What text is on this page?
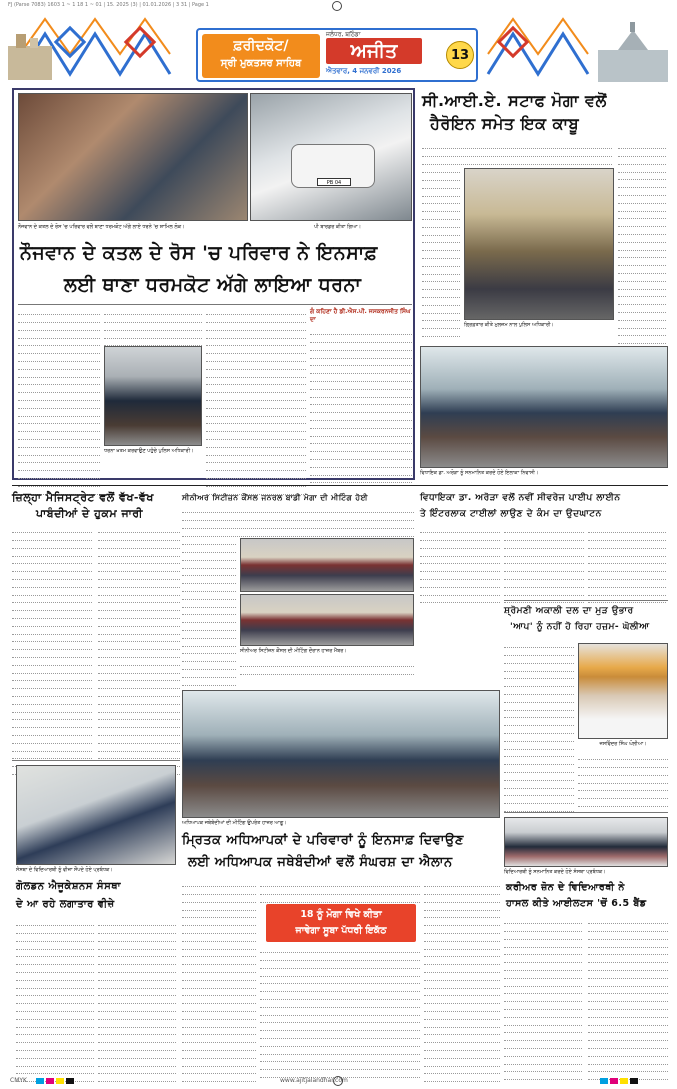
FJ (Parse 7083) 1603 1 ~ 1 18 1 ~ 01 | 15. 2025 (3) | 01.01.2026 | 3 31 | Page 1
ਫ਼ਰੀਦਕੋਟ/
ਸ੍ਰੀ ਮੁਕਤਸਰ ਸਾਹਿਬ
ਜਲੰਧਰ, ਬਠਿੰਡਾ
ਅਜੀਤ
ਐਤਵਾਰ, 4 ਜਨਵਰੀ 2026
13
PB 04
ਨੌਜਵਾਨ ਦੇ ਕਤਲ ਦੇ ਰੋਸ 'ਚ ਪਰਿਵਾਰ ਵਲੋਂ ਥਾਣਾ ਧਰਮਕੋਟ ਅੱਗੇ ਲਾਏ ਧਰਨੇ 'ਚ ਸ਼ਾਮਿਲ ਲੋਕ।	ਪੀ ਬਾਰਡਰ ਕੀਤਾ ਗਿਆ।
ਨੌਜਵਾਨ ਦੇ ਕਤਲ ਦੇ ਰੋਸ 'ਚ ਪਰਿਵਾਰ ਨੇ ਇਨਸਾਫ਼
ਲਈ ਥਾਣਾ ਧਰਮਕੋਟ ਅੱਗੇ ਲਾਇਆ ਧਰਨਾ
ਧਰਨਾ ਖ਼ਤਮ ਕਰਵਾਉਣ ਪਹੁੰਚੇ ਪੁਲਿਸ ਅਧਿਕਾਰੀ।
ਗੰ ਕਹਿਣਾ ਹੈ ਡੀ.ਐਸ.ਪੀ. ਜਸਕਰਨਜੀਤ ਸਿੰਘ ਦਾ
ਸੀ.ਆਈ.ਏ. ਸਟਾਫ ਮੋਗਾ ਵਲੋਂ
ਹੈਰੋਇਨ ਸਮੇਤ ਇਕ ਕਾਬੂ
ਗ੍ਰਿਫ਼ਤਾਰ ਕੀਤੇ ਮੁਲਜ਼ਮ ਨਾਲ ਪੁਲਿਸ ਅਧਿਕਾਰੀ।
ਵਿਧਾਇਕ ਡਾ. ਅਰੋੜਾ ਨੂੰ ਸਨਮਾਨਿਤ ਕਰਦੇ ਹੋਏ ਇਲਾਕਾ ਨਿਵਾਸੀ।
ਜ਼ਿਲ੍ਹਾ ਮੈਜਿਸਟ੍ਰੇਟ ਵਲੋਂ ਵੱਖ-ਵੱਖ
ਪਾਬੰਦੀਆਂ ਦੇ ਹੁਕਮ ਜਾਰੀ
ਸੀਨੀਅਰ ਸਿਟੀਜ਼ਨ ਕੌਂਸਲ ਜਨਰਲ ਬਾਡੀ ਮੋਗਾ ਦੀ ਮੀਟਿੰਗ ਹੋਈ
ਸੀਨੀਅਰ ਸਿਟੀਜ਼ਨ ਕੌਂਸਲ ਦੀ ਮੀਟਿੰਗ ਦੌਰਾਨ ਹਾਜ਼ਰ ਮੈਂਬਰ।
ਵਿਧਾਇਕਾ ਡਾ. ਅਰੋੜਾ ਵਲੋਂ ਨਵੀਂ ਸੀਵਰੇਜ ਪਾਈਪ ਲਾਈਨ
ਤੇ ਇੰਟਰਲਾਕ ਟਾਈਲਾਂ ਲਾਉਣ ਦੇ ਕੰਮ ਦਾ ਉਦਘਾਟਨ
ਸ਼੍ਰੋਮਣੀ ਅਕਾਲੀ ਦਲ ਦਾ ਮੁੜ ਉਭਾਰ
'ਆਪ' ਨੂੰ ਨਹੀਂ ਹੋ ਰਿਹਾ ਹਜ਼ਮ- ਘੋਲੀਆ
ਜਸਵਿੰਦਰ ਸਿੰਘ ਘੋਲੀਆ।
ਅਧਿਆਪਕ ਜਥੇਬੰਦੀਆਂ ਦੀ ਮੀਟਿੰਗ ਉਪਰੰਤ ਹਾਜ਼ਰ ਆਗੂ।
ਸੰਸਥਾ ਦੇ ਵਿਦਿਆਰਥੀ ਨੂੰ ਵੀਜ਼ਾ ਸੌਂਪਦੇ ਹੋਏ ਪ੍ਰਬੰਧਕ।
ਗੋਲਡਨ ਐਜੂਕੇਸ਼ਨਸ ਸੰਸਥਾ
ਦੇ ਆ ਰਹੇ ਲਗਾਤਾਰ ਵੀਜ਼ੇ
ਮ੍ਰਿਤਕ ਅਧਿਆਪਕਾਂ ਦੇ ਪਰਿਵਾਰਾਂ ਨੂੰ ਇਨਸਾਫ਼ ਦਿਵਾਉਣ
ਲਈ ਅਧਿਆਪਕ ਜਥੇਬੰਦੀਆਂ ਵਲੋਂ ਸੰਘਰਸ਼ ਦਾ ਐਲਾਨ
18 ਨੂੰ ਮੋਗਾ ਵਿਖੇ ਕੀਤਾ
ਜਾਵੇਗਾ ਸੂਬਾ ਪੱਧਰੀ ਇਕੱਠ
ਵਿਦਿਆਰਥੀ ਨੂੰ ਸਨਮਾਨਿਤ ਕਰਦੇ ਹੋਏ ਸੰਸਥਾ ਪ੍ਰਬੰਧਕ।
ਕਰੀਅਰ ਜ਼ੋਨ ਦੇ ਵਿਦਿਆਰਥੀ ਨੇ
ਹਾਸਲ ਕੀਤੇ ਆਈਲਟਸ 'ਚੋਂ 6.5 ਬੈਂਡ
CMYK	www.ajitjalandhar.com
